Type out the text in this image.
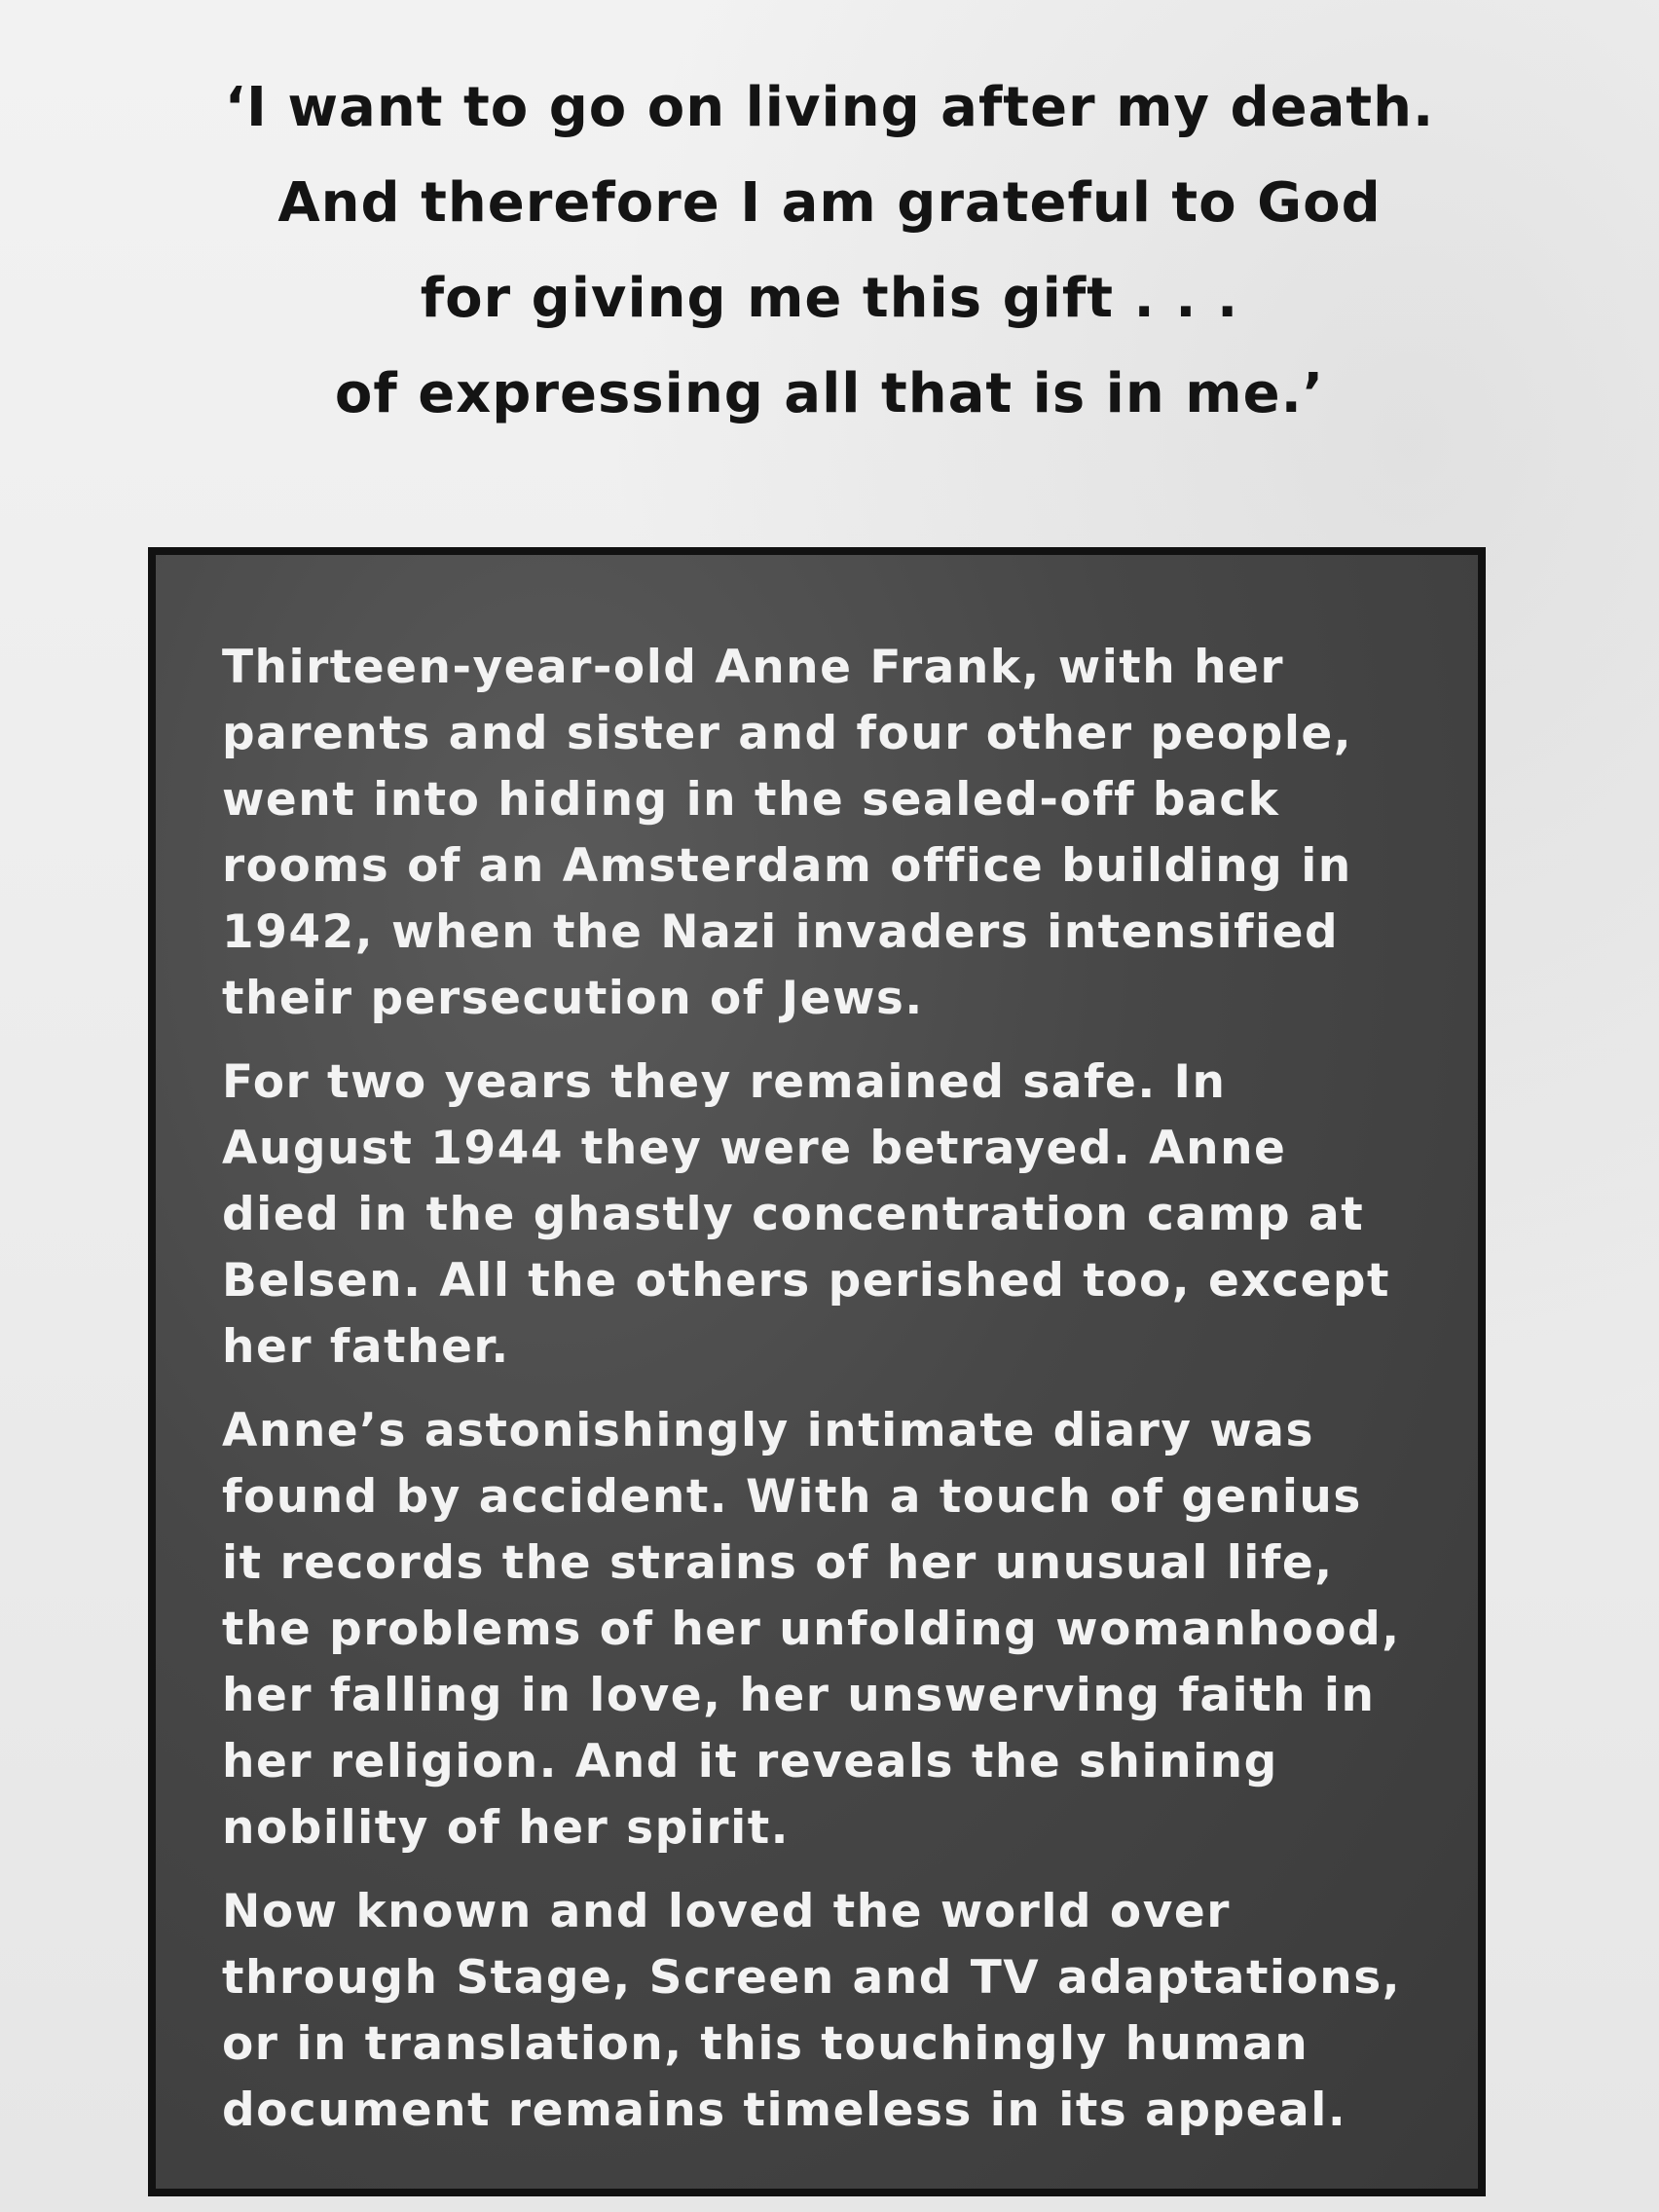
‘I want to go on living after my death.
And therefore I am grateful to God
for giving me this gift . . .
of expressing all that is in me.’
Thirteen-year-old Anne Frank, with her
parents and sister and four other people,
went into hiding in the sealed-off back
rooms of an Amsterdam office building in
1942, when the Nazi invaders intensified
their persecution of Jews.
For two years they remained safe. In
August 1944 they were betrayed. Anne
died in the ghastly concentration camp at
Belsen. All the others perished too, except
her father.
Anne’s astonishingly intimate diary was
found by accident. With a touch of genius
it records the strains of her unusual life,
the problems of her unfolding womanhood,
her falling in love, her unswerving faith in
her religion. And it reveals the shining
nobility of her spirit.
Now known and loved the world over
through Stage, Screen and TV adaptations,
or in translation, this touchingly human
document remains timeless in its appeal.
